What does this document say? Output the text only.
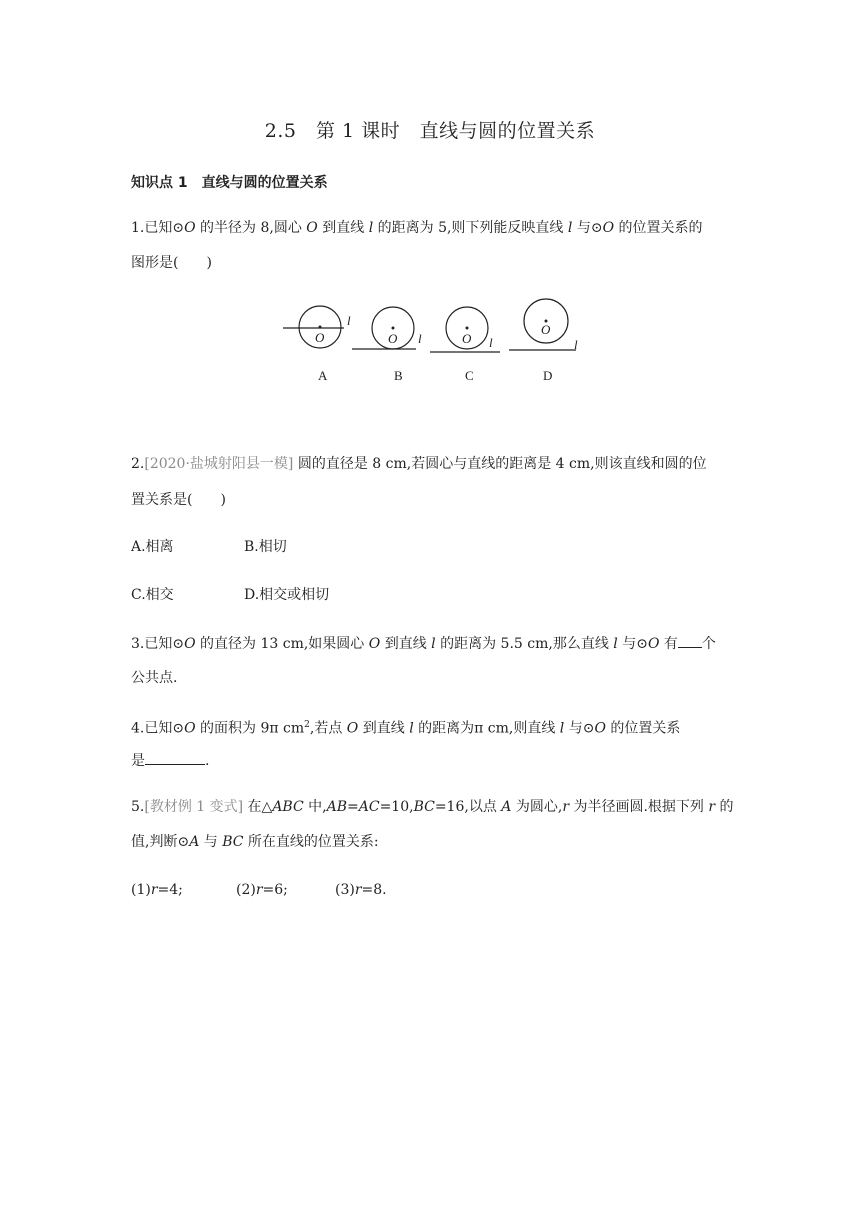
2.5　第 1 课时　直线与圆的位置关系
知识点 1　直线与圆的位置关系
1.已知⊙O 的半径为 8,圆心 O 到直线 l 的距离为 5,则下列能反映直线 l 与⊙O 的位置关系的
图形是(　　)
O
l
O l	O l
O
l
A	B	C	D
2.[2020·盐城射阳县一模] 圆的直径是 8 cm,若圆心与直线的距离是 4 cm,则该直线和圆的位
置关系是(　　)
A.相离	B.相切
C.相交	D.相交或相切
3.已知⊙O 的直径为 13 cm,如果圆心 O 到直线 l 的距离为 5.5 cm,那么直线 l 与⊙O 有 个
公共点.
4.已知⊙O 的面积为 9π $cm^2$,若点 O 到直线 l 的距离为π cm,则直线 l 与⊙O 的位置关系
是	.
5.[教材例 1 变式] 在△ABC 中,AB=AC=10,BC=16,以点 A 为圆心,r 为半径画圆.根据下列 r 的
值,判断⊙A 与 BC 所在直线的位置关系:
(1)r=4;	(2)r=6;	(3)r=8.
